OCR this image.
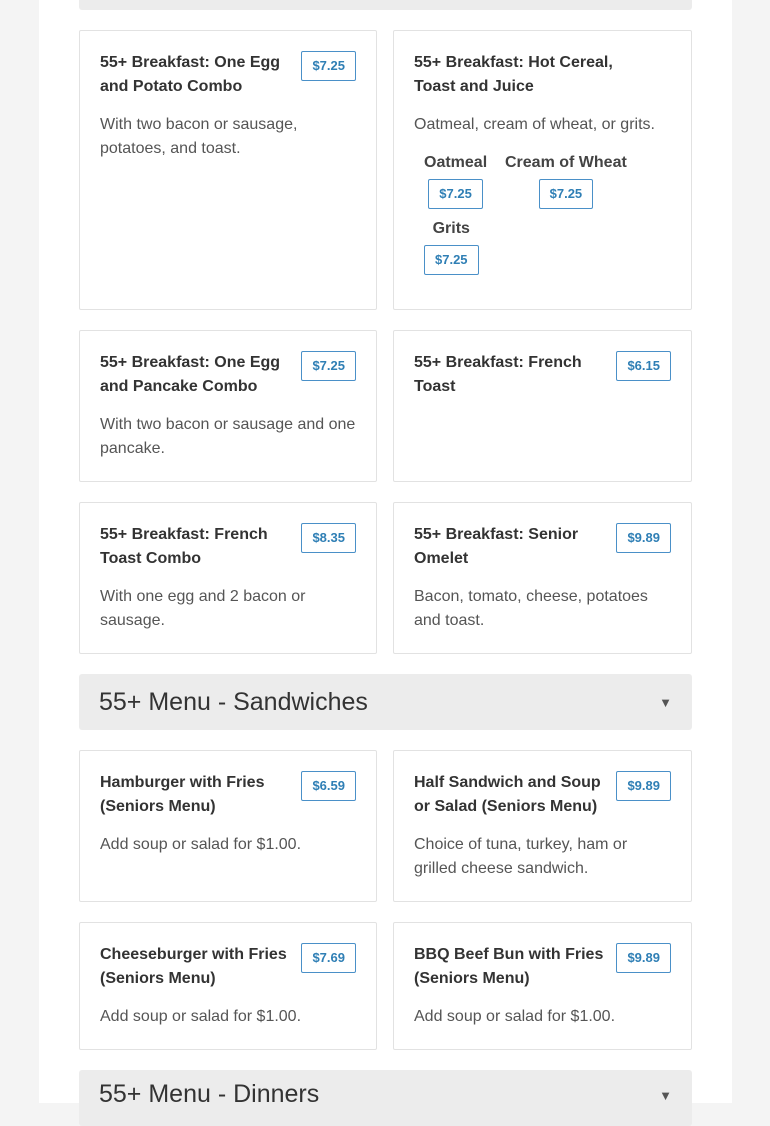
55+ Breakfast: One Egg and Potato Combo

$7.25

With two bacon or sausage, potatoes, and toast.

55+ Breakfast: Hot Cereal, Toast and Juice

Oatmeal, cream of wheat, or grits.

Oatmeal
$7.25
Cream of Wheat
$7.25
Grits
$7.25

55+ Breakfast: One Egg and Pancake Combo

$7.25

With two bacon or sausage and one pancake.

55+ Breakfast: French Toast

$6.15

55+ Breakfast: French Toast Combo

$8.35

With one egg and 2 bacon or sausage.

55+ Breakfast: Senior Omelet

$9.89

Bacon, tomato, cheese, potatoes and toast.

55+ Menu - Sandwiches	▼

Hamburger with Fries (Seniors Menu)

$6.59

Add soup or salad for $1.00.

Half Sandwich and Soup or Salad (Seniors Menu)

$9.89

Choice of tuna, turkey, ham or grilled cheese sandwich.

Cheeseburger with Fries (Seniors Menu)

$7.69

Add soup or salad for $1.00.

BBQ Beef Bun with Fries (Seniors Menu)

$9.89

Add soup or salad for $1.00.

55+ Menu - Dinners	▼
